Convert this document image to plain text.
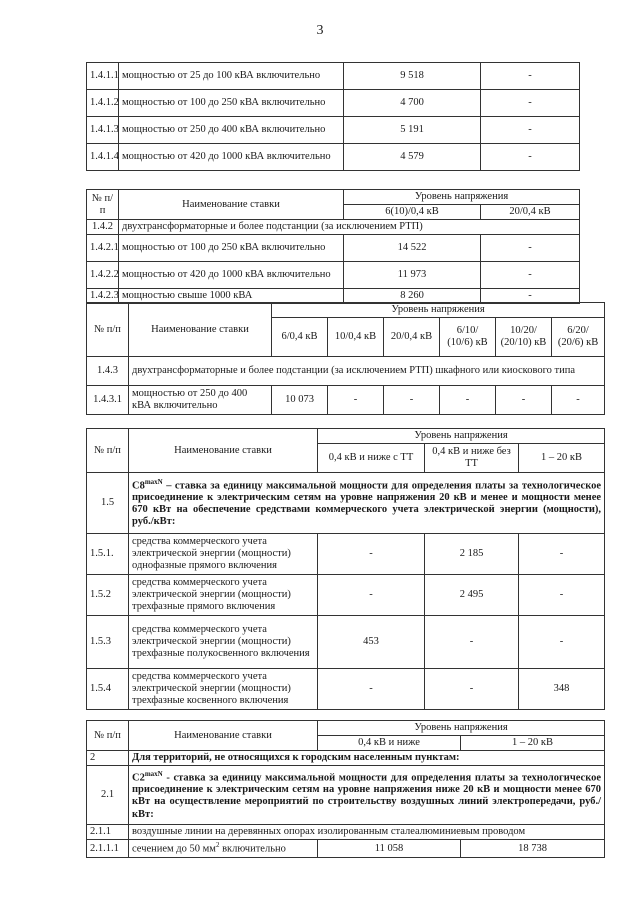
3
1.4.1.1	мощностью от 25 до 100 кВА включительно	9 518	-
1.4.1.2	мощностью от 100 до 250 кВА включительно	4 700	-
1.4.1.3	мощностью от 250 до 400 кВА включительно	5 191	-
1.4.1.4	мощностью от 420 до 1000 кВА включительно	4 579	-
№ п/п	Наименование ставки	Уровень напряжения	
		6(10)/0,4 кВ	20/0,4 кВ
1.4.2	двухтрансформаторные и более подстанции (за исключением РТП)		
1.4.2.1	мощностью от 100 до 250 кВА включительно	14 522	-
1.4.2.2	мощностью от 420 до 1000 кВА включительно	11 973	-
1.4.2.3	мощностью свыше 1000 кВА	8 260	-
№ п/п	Наименование ставки	Уровень напряжения					
		6/0,4 кВ	10/0,4 кВ	20/0,4 кВ	6/10/ (10/6) кВ	10/20/ (20/10) кВ	6/20/ (20/6) кВ
1.4.3	двухтрансформаторные и более подстанции (за исключением РТП) шкафного или киоскового типа						
1.4.3.1	мощностью от 250 до 400 кВА включительно	10 073	-	-	-	-	-
№ п/п	Наименование ставки	Уровень напряжения		
		0,4 кВ и ниже с ТТ	0,4 кВ и ниже без ТТ	1 – 20 кВ
1.5	$C8^{maxN}$ – ставка за единицу максимальной мощности для определения платы за технологическое присоединение к электрическим сетям на уровне напряжения 20 кВ и менее и мощности менее 670 кВт на обеспечение средствами коммерческого учета электрической энергии (мощности), руб./кВт:			
1.5.1.	средства коммерческого учета электрической энергии (мощности) однофазные прямого включения	-	2 185	-
1.5.2	средства коммерческого учета электрической энергии (мощности) трехфазные прямого включения	-	2 495	-
1.5.3	средства коммерческого учета электрической энергии (мощности) трехфазные полукосвенного включения	453	-	-
1.5.4	средства коммерческого учета электрической энергии (мощности) трехфазные косвенного включения	-	-	348
№ п/п	Наименование ставки	Уровень напряжения	
		0,4 кВ и ниже	1 – 20 кВ
2	Для территорий, не относящихся к городским населенным пунктам:		
2.1	$C2^{maxN}$ - ставка за единицу максимальной мощности для определения платы за технологическое присоединение к электрическим сетям на уровне напряжения ниже 20 кВ и мощности менее 670 кВт на осуществление мероприятий по строительству воздушных линий электропередачи, руб./кВт:		
2.1.1	воздушные линии на деревянных опорах изолированным сталеалюминиевым проводом		
2.1.1.1	сечением до 50 $мм^2$ включительно	11 058	18 738
